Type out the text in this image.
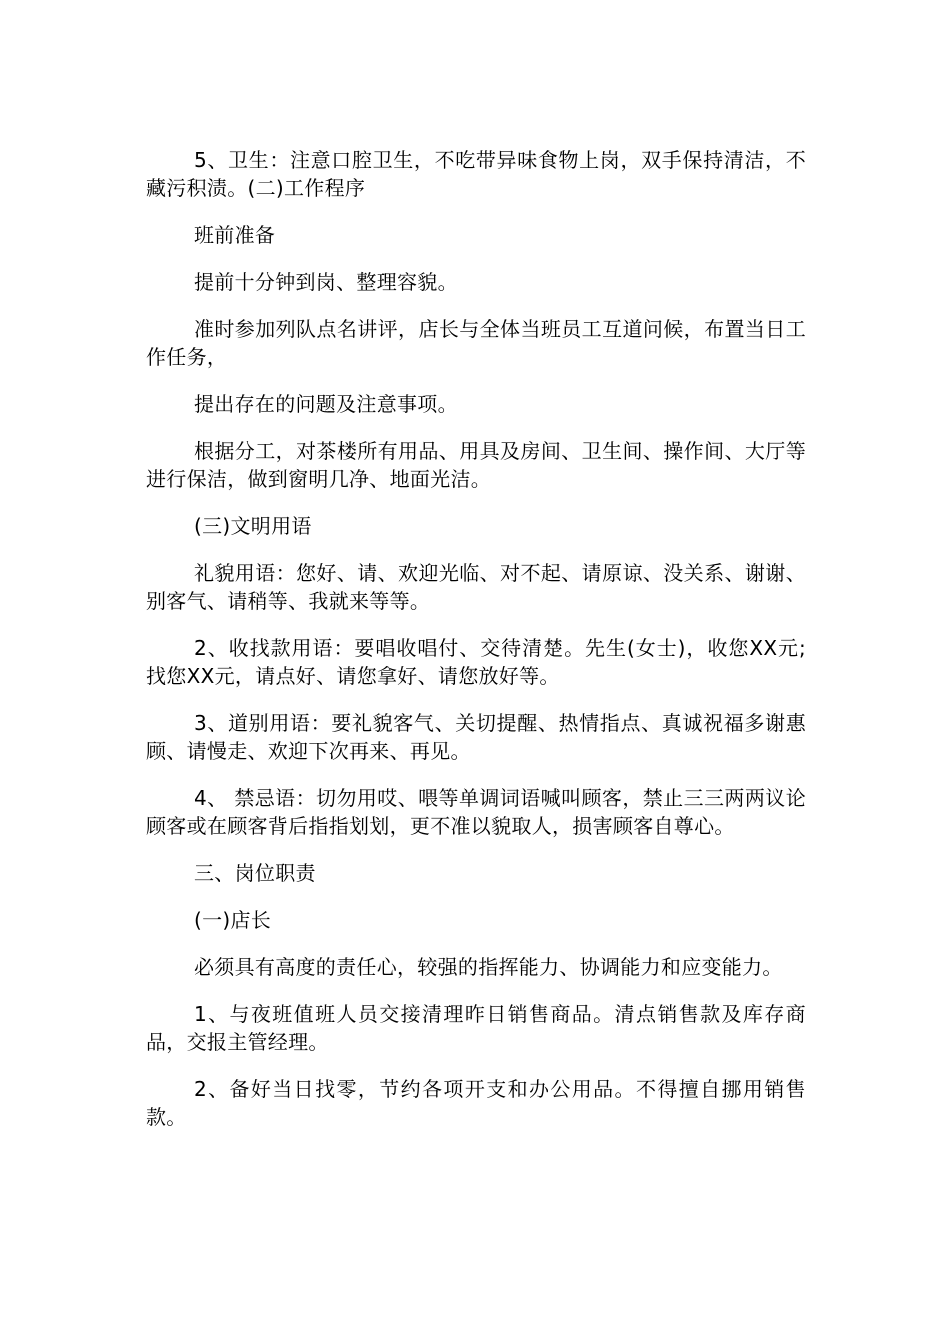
5、卫生：注意口腔卫生，不吃带异味食物上岗，双手保持清洁，不藏污积渍。(二)工作程序

班前准备

提前十分钟到岗、整理容貌。

准时参加列队点名讲评，店长与全体当班员工互道问候，布置当日工作任务，

提出存在的问题及注意事项。

根据分工，对茶楼所有用品、用具及房间、卫生间、操作间、大厅等进行保洁，做到窗明几净、地面光洁。

(三)文明用语

礼貌用语：您好、请、欢迎光临、对不起、请原谅、没关系、谢谢、别客气、请稍等、我就来等等。

2、收找款用语：要唱收唱付、交待清楚。先生(女士)，收您XX元;找您XX元，请点好、请您拿好、请您放好等。

3、道别用语：要礼貌客气、关切提醒、热情指点、真诚祝福多谢惠顾、请慢走、欢迎下次再来、再见。

4、 禁忌语：切勿用哎、喂等单调词语喊叫顾客，禁止三三两两议论顾客或在顾客背后指指划划，更不准以貌取人，损害顾客自尊心。

三、岗位职责

(一)店长

必须具有高度的责任心，较强的指挥能力、协调能力和应变能力。

1、与夜班值班人员交接清理昨日销售商品。清点销售款及库存商品，交报主管经理。

2、备好当日找零，节约各项开支和办公用品。不得擅自挪用销售款。
